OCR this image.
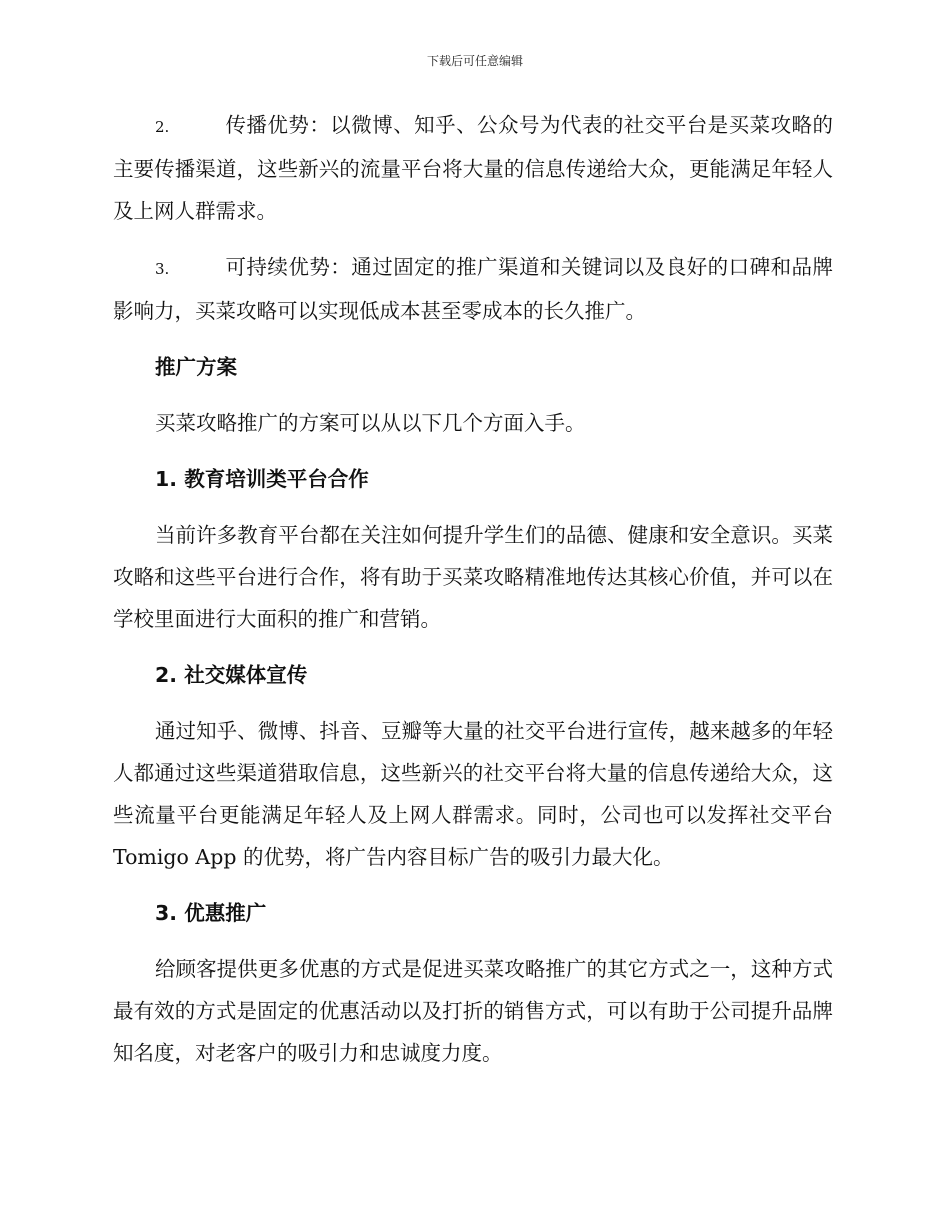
下载后可任意编辑

2.	传播优势：以微博、知乎、公众号为代表的社交平台是买菜攻略的主要传播渠道，这些新兴的流量平台将大量的信息传递给大众，更能满足年轻人及上网人群需求。

3.	可持续优势：通过固定的推广渠道和关键词以及良好的口碑和品牌影响力，买菜攻略可以实现低成本甚至零成本的长久推广。

推广方案

买菜攻略推广的方案可以从以下几个方面入手。

1. 教育培训类平台合作

当前许多教育平台都在关注如何提升学生们的品德、健康和安全意识。买菜攻略和这些平台进行合作，将有助于买菜攻略精准地传达其核心价值，并可以在学校里面进行大面积的推广和营销。

2. 社交媒体宣传

通过知乎、微博、抖音、豆瓣等大量的社交平台进行宣传，越来越多的年轻人都通过这些渠道猎取信息，这些新兴的社交平台将大量的信息传递给大众，这些流量平台更能满足年轻人及上网人群需求。同时，公司也可以发挥社交平台 Tomigo App 的优势，将广告内容目标广告的吸引力最大化。

3. 优惠推广

给顾客提供更多优惠的方式是促进买菜攻略推广的其它方式之一，这种方式最有效的方式是固定的优惠活动以及打折的销售方式，可以有助于公司提升品牌知名度，对老客户的吸引力和忠诚度力度。
